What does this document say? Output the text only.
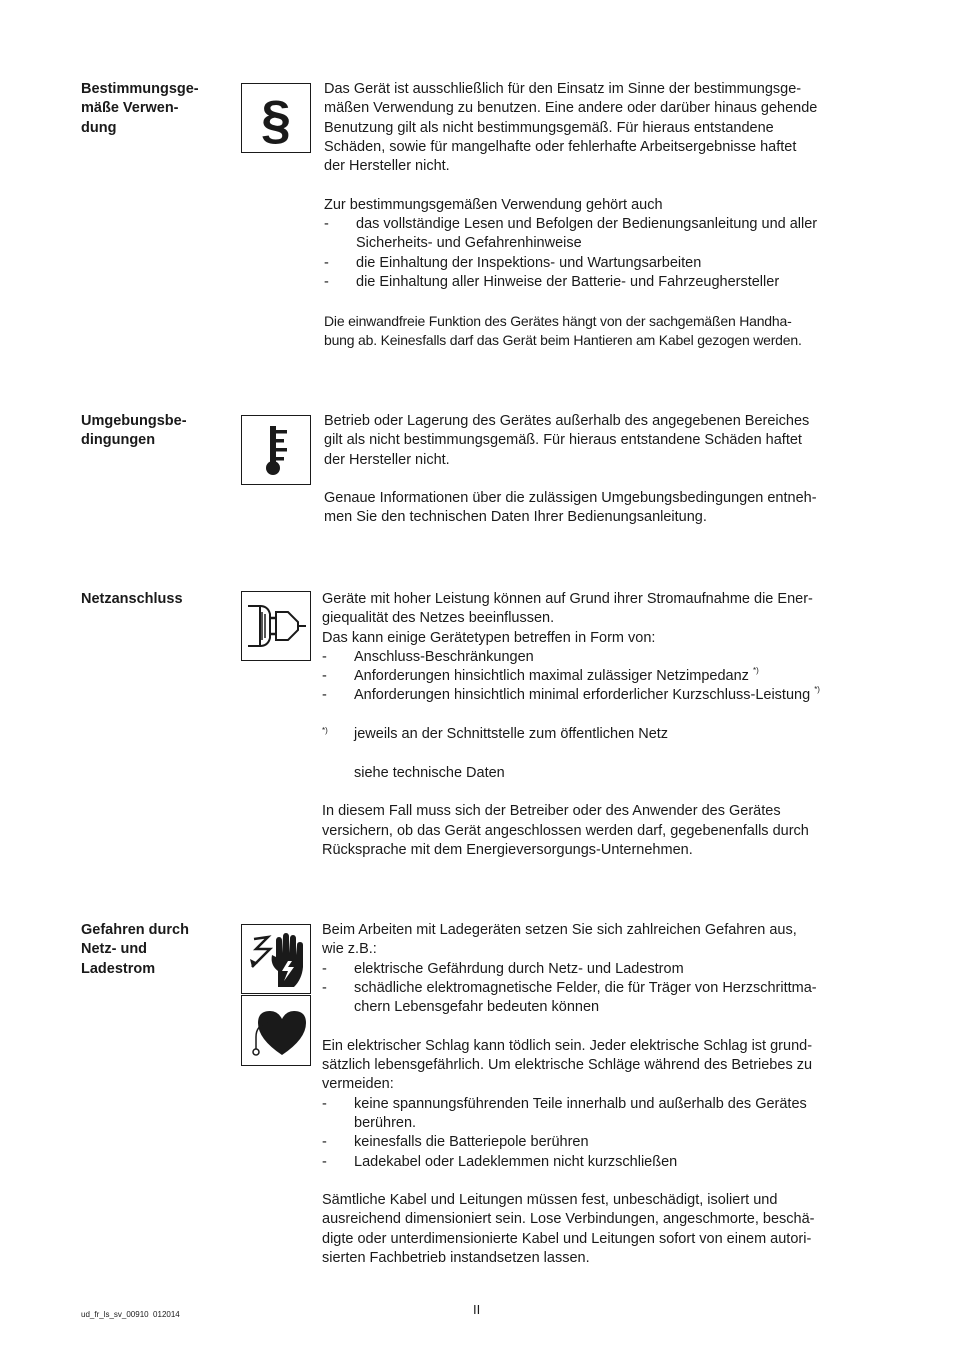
Bestimmungsge-
mäße Verwen-
dung	§

Das Gerät ist ausschließlich für den Einsatz im Sinne der bestimmungsge-
mäßen Verwendung zu benutzen. Eine andere oder darüber hinaus gehende
Benutzung gilt als nicht bestimmungsgemäß. Für hieraus entstandene
Schäden, sowie für mangelhafte oder fehlerhafte Arbeitsergebnisse haftet
der Hersteller nicht.

Zur bestimmungsgemäßen Verwendung gehört auch

- das vollständige Lesen und Befolgen der Bedienungsanleitung und aller
Sicherheits- und Gefahrenhinweise
- die Einhaltung der Inspektions- und Wartungsarbeiten
- die Einhaltung aller Hinweise der Batterie- und Fahrzeughersteller

Die einwandfreie Funktion des Gerätes hängt von der sachgemäßen Handha-
bung ab. Keinesfalls darf das Gerät beim Hantieren am Kabel gezogen werden.

Umgebungsbe-
dingungen

Betrieb oder Lagerung des Gerätes außerhalb des angegebenen Bereiches
gilt als nicht bestimmungsgemäß. Für hieraus entstandene Schäden haftet
der Hersteller nicht.

Genaue Informationen über die zulässigen Umgebungsbedingungen entneh-
men Sie den technischen Daten Ihrer Bedienungsanleitung.

Netzanschluss	Geräte mit hoher Leistung können auf Grund ihrer Stromaufnahme die Ener-
giequalität des Netzes beeinflussen.

Das kann einige Gerätetypen betreffen in Form von:

- Anschluss-Beschränkungen
- Anforderungen hinsichtlich maximal zulässiger Netzimpedanz *)
- Anforderungen hinsichtlich minimal erforderlicher Kurzschluss-Leistung *)
*) jeweils an der Schnittstelle zum öffentlichen Netz

siehe technische Daten

In diesem Fall muss sich der Betreiber oder des Anwender des Gerätes
versichern, ob das Gerät angeschlossen werden darf, gegebenenfalls durch
Rücksprache mit dem Energieversorgungs-Unternehmen.

Gefahren durch
Netz- und
Ladestrom

Beim Arbeiten mit Ladegeräten setzen Sie sich zahlreichen Gefahren aus,
wie z.B.:

- elektrische Gefährdung durch Netz- und Ladestrom
- schädliche elektromagnetische Felder, die für Träger von Herzschrittma-
chern Lebensgefahr bedeuten können

Ein elektrischer Schlag kann tödlich sein. Jeder elektrische Schlag ist grund-
sätzlich lebensgefährlich. Um elektrische Schläge während des Betriebes zu
vermeiden:

- keine spannungsführenden Teile innerhalb und außerhalb des Gerätes
berühren.
- keinesfalls die Batteriepole berühren
- Ladekabel oder Ladeklemmen nicht kurzschließen

Sämtliche Kabel und Leitungen müssen fest, unbeschädigt, isoliert und
ausreichend dimensioniert sein. Lose Verbindungen, angeschmorte, beschä-
digte oder unterdimensionierte Kabel und Leitungen sofort von einem autori-
sierten Fachbetrieb instandsetzen lassen.

ud_fr_ls_sv_00910  012014	II
